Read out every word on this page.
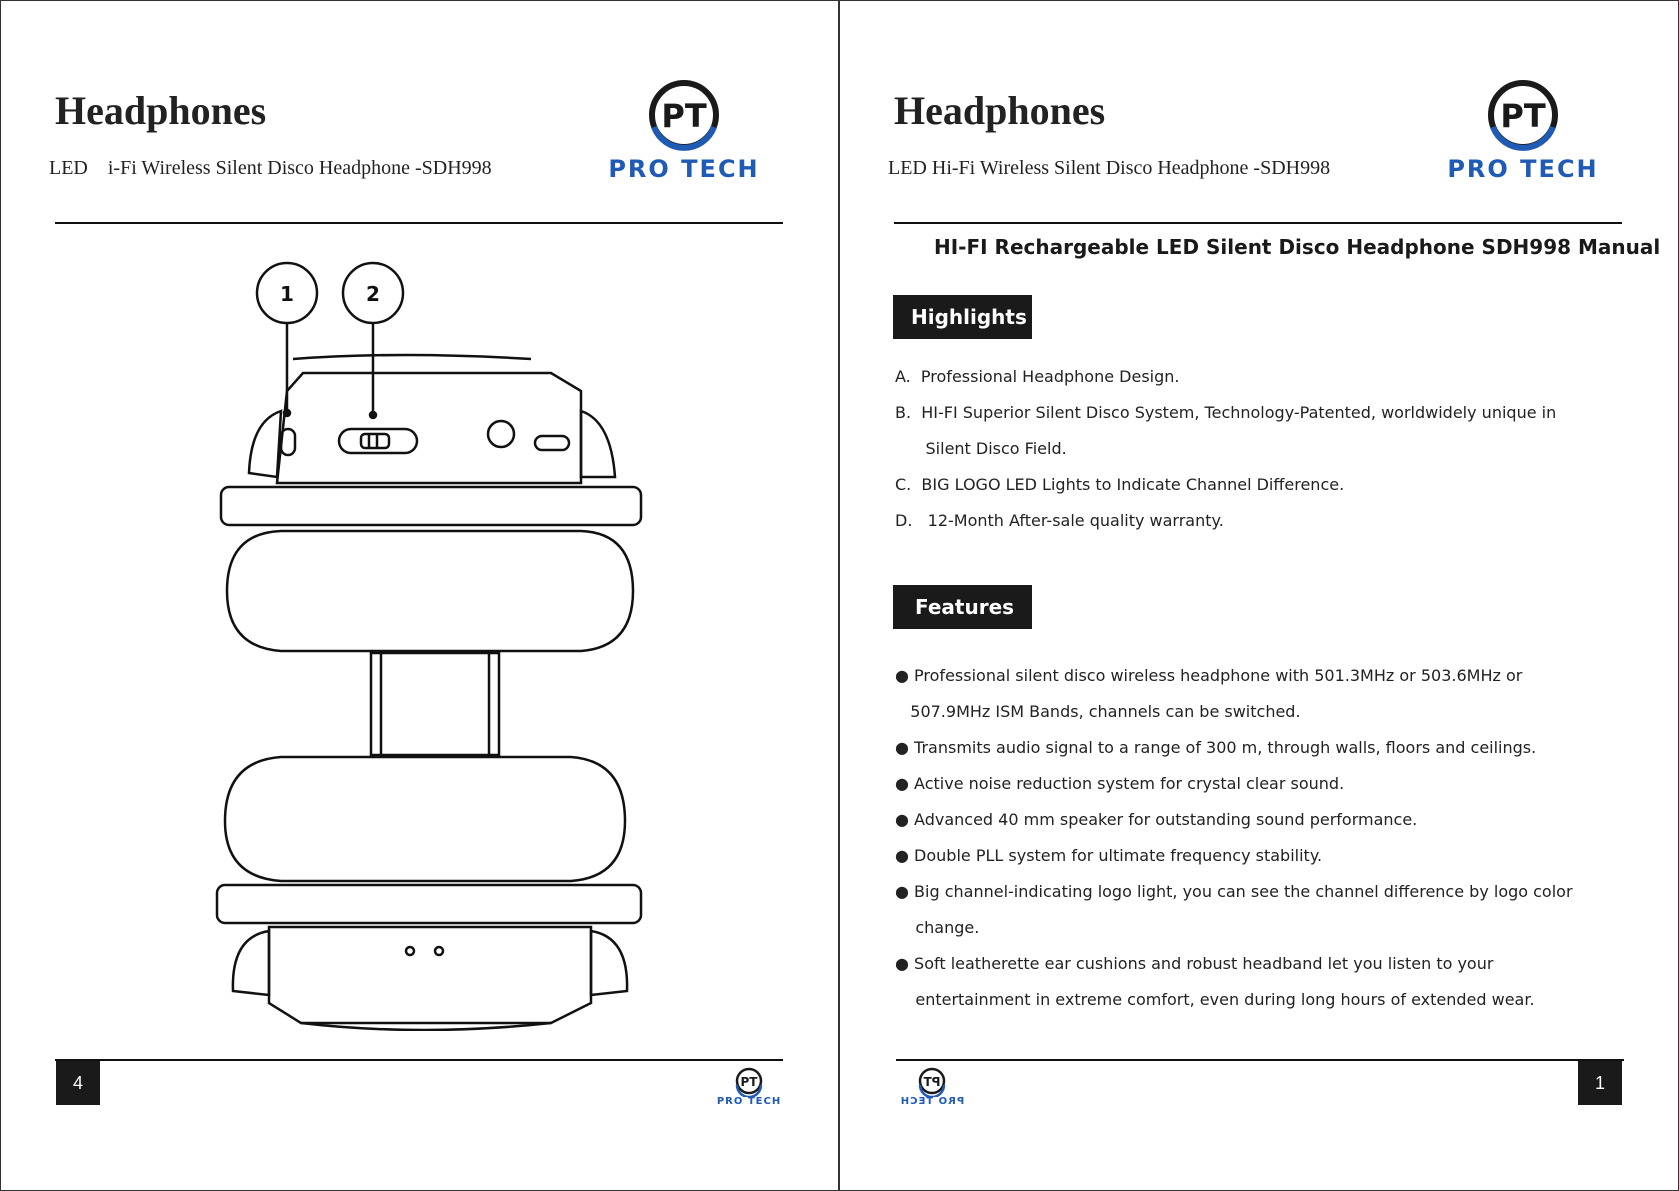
Headphones
LED    i-Fi Wireless Silent Disco Headphone -SDH998
PT
PRO TECH
1	2
4	PT
PRO TECH
Headphones
LED Hi-Fi Wireless Silent Disco Headphone -SDH998
PT
PRO TECH
HI-FI Rechargeable LED Silent Disco Headphone SDH998 Manual
Highlights
A.  Professional Headphone Design.
B.  HI-FI Superior Silent Disco System, Technology-Patented, worldwidely unique in
Silent Disco Field.
C.  BIG LOGO LED Lights to Indicate Channel Difference.
D.   12-Month After-sale quality warranty.
Features
● Professional silent disco wireless headphone with 501.3MHz or 503.6MHz or
507.9MHz ISM Bands, channels can be switched.
● Transmits audio signal to a range of 300 m, through walls, floors and ceilings.
● Active noise reduction system for crystal clear sound.
● Advanced 40 mm speaker for outstanding sound performance.
● Double PLL system for ultimate frequency stability.
● Big channel-indicating logo light, you can see the channel difference by logo color
change.
● Soft leatherette ear cushions and robust headband let you listen to your
entertainment in extreme comfort, even during long hours of extended wear.
PT
PRO TECH
1
